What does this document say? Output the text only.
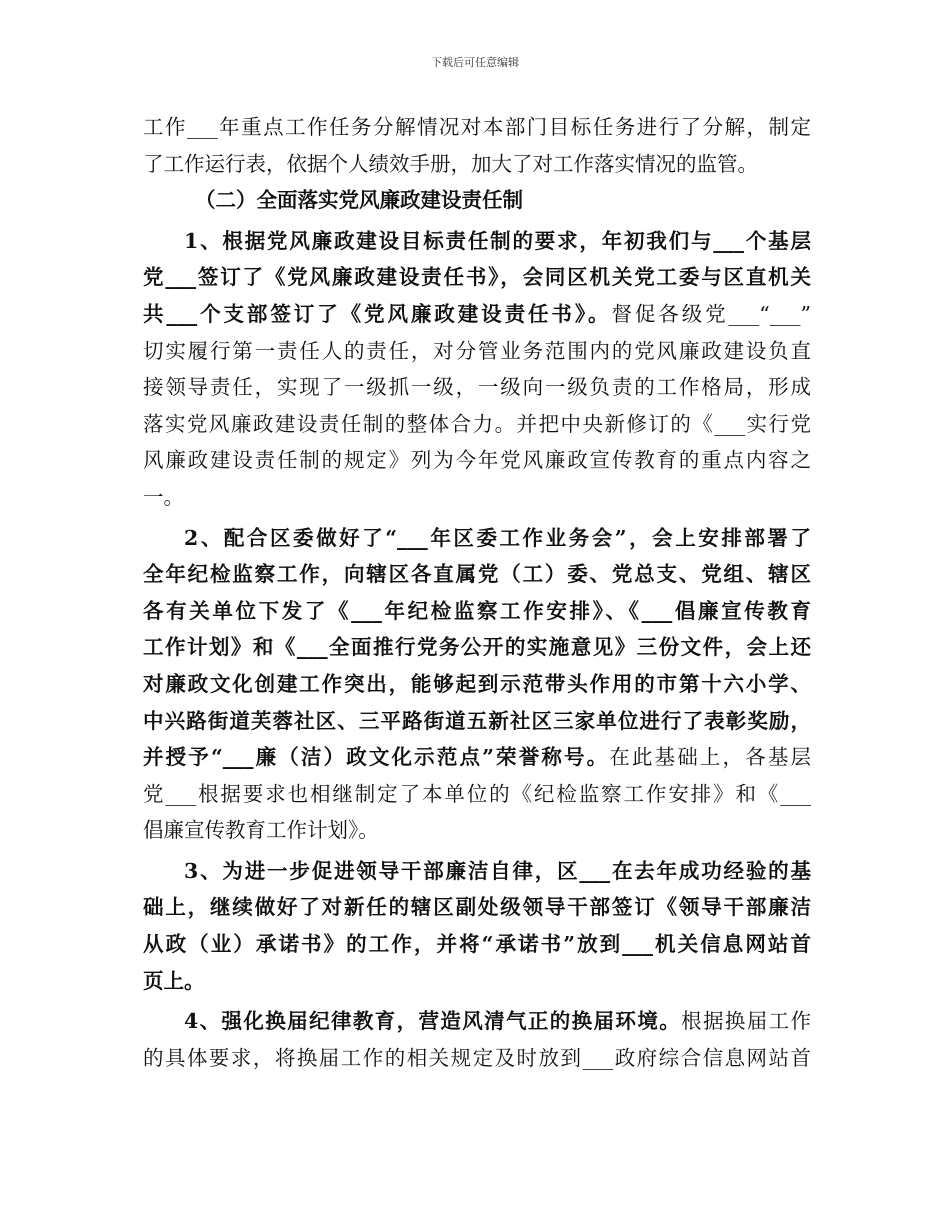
下载后可任意编辑
工作___年重点工作任务分解情况对本部门目标任务进行了分解，制定
了工作运行表，依据个人绩效手册，加大了对工作落实情况的监管。
（二）全面落实党风廉政建设责任制
1、根据党风廉政建设目标责任制的要求，年初我们与___个基层
党___签订了《党风廉政建设责任书》，会同区机关党工委与区直机关
共___个支部签订了《党风廉政建设责任书》。督促各级党___“___”
切实履行第一责任人的责任，对分管业务范围内的党风廉政建设负直
接领导责任，实现了一级抓一级，一级向一级负责的工作格局，形成
落实党风廉政建设责任制的整体合力。并把中央新修订的《___实行党
风廉政建设责任制的规定》列为今年党风廉政宣传教育的重点内容之
一。
2、配合区委做好了“___年区委工作业务会”，会上安排部署了
全年纪检监察工作，向辖区各直属党（工）委、党总支、党组、辖区
各有关单位下发了《___年纪检监察工作安排》、《___倡廉宣传教育
工作计划》和《___全面推行党务公开的实施意见》三份文件，会上还
对廉政文化创建工作突出，能够起到示范带头作用的市第十六小学、
中兴路街道芙蓉社区、三平路街道五新社区三家单位进行了表彰奖励，
并授予“___廉（洁）政文化示范点”荣誉称号。在此基础上，各基层
党___根据要求也相继制定了本单位的《纪检监察工作安排》和《___
倡廉宣传教育工作计划》。
3、为进一步促进领导干部廉洁自律，区___在去年成功经验的基
础上，继续做好了对新任的辖区副处级领导干部签订《领导干部廉洁
从政（业）承诺书》的工作，并将“承诺书”放到___机关信息网站首
页上。
4、强化换届纪律教育，营造风清气正的换届环境。根据换届工作
的具体要求，将换届工作的相关规定及时放到___政府综合信息网站首
